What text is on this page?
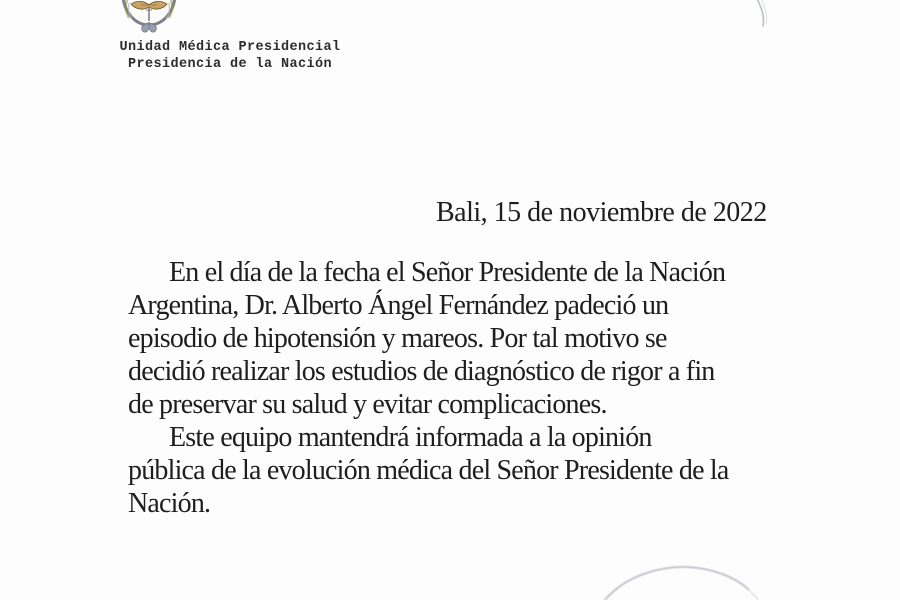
Unidad Médica Presidencial
Presidencia de la Nación
Bali, 15 de noviembre de 2022
En el día de la fecha el Señor Presidente de la Nación
Argentina, Dr. Alberto Ángel Fernández padeció un
episodio de hipotensión y mareos. Por tal motivo se
decidió realizar los estudios de diagnóstico de rigor a fin
de preservar su salud y evitar complicaciones.
Este equipo mantendrá informada a la opinión
pública de la evolución médica del Señor Presidente de la
Nación.
